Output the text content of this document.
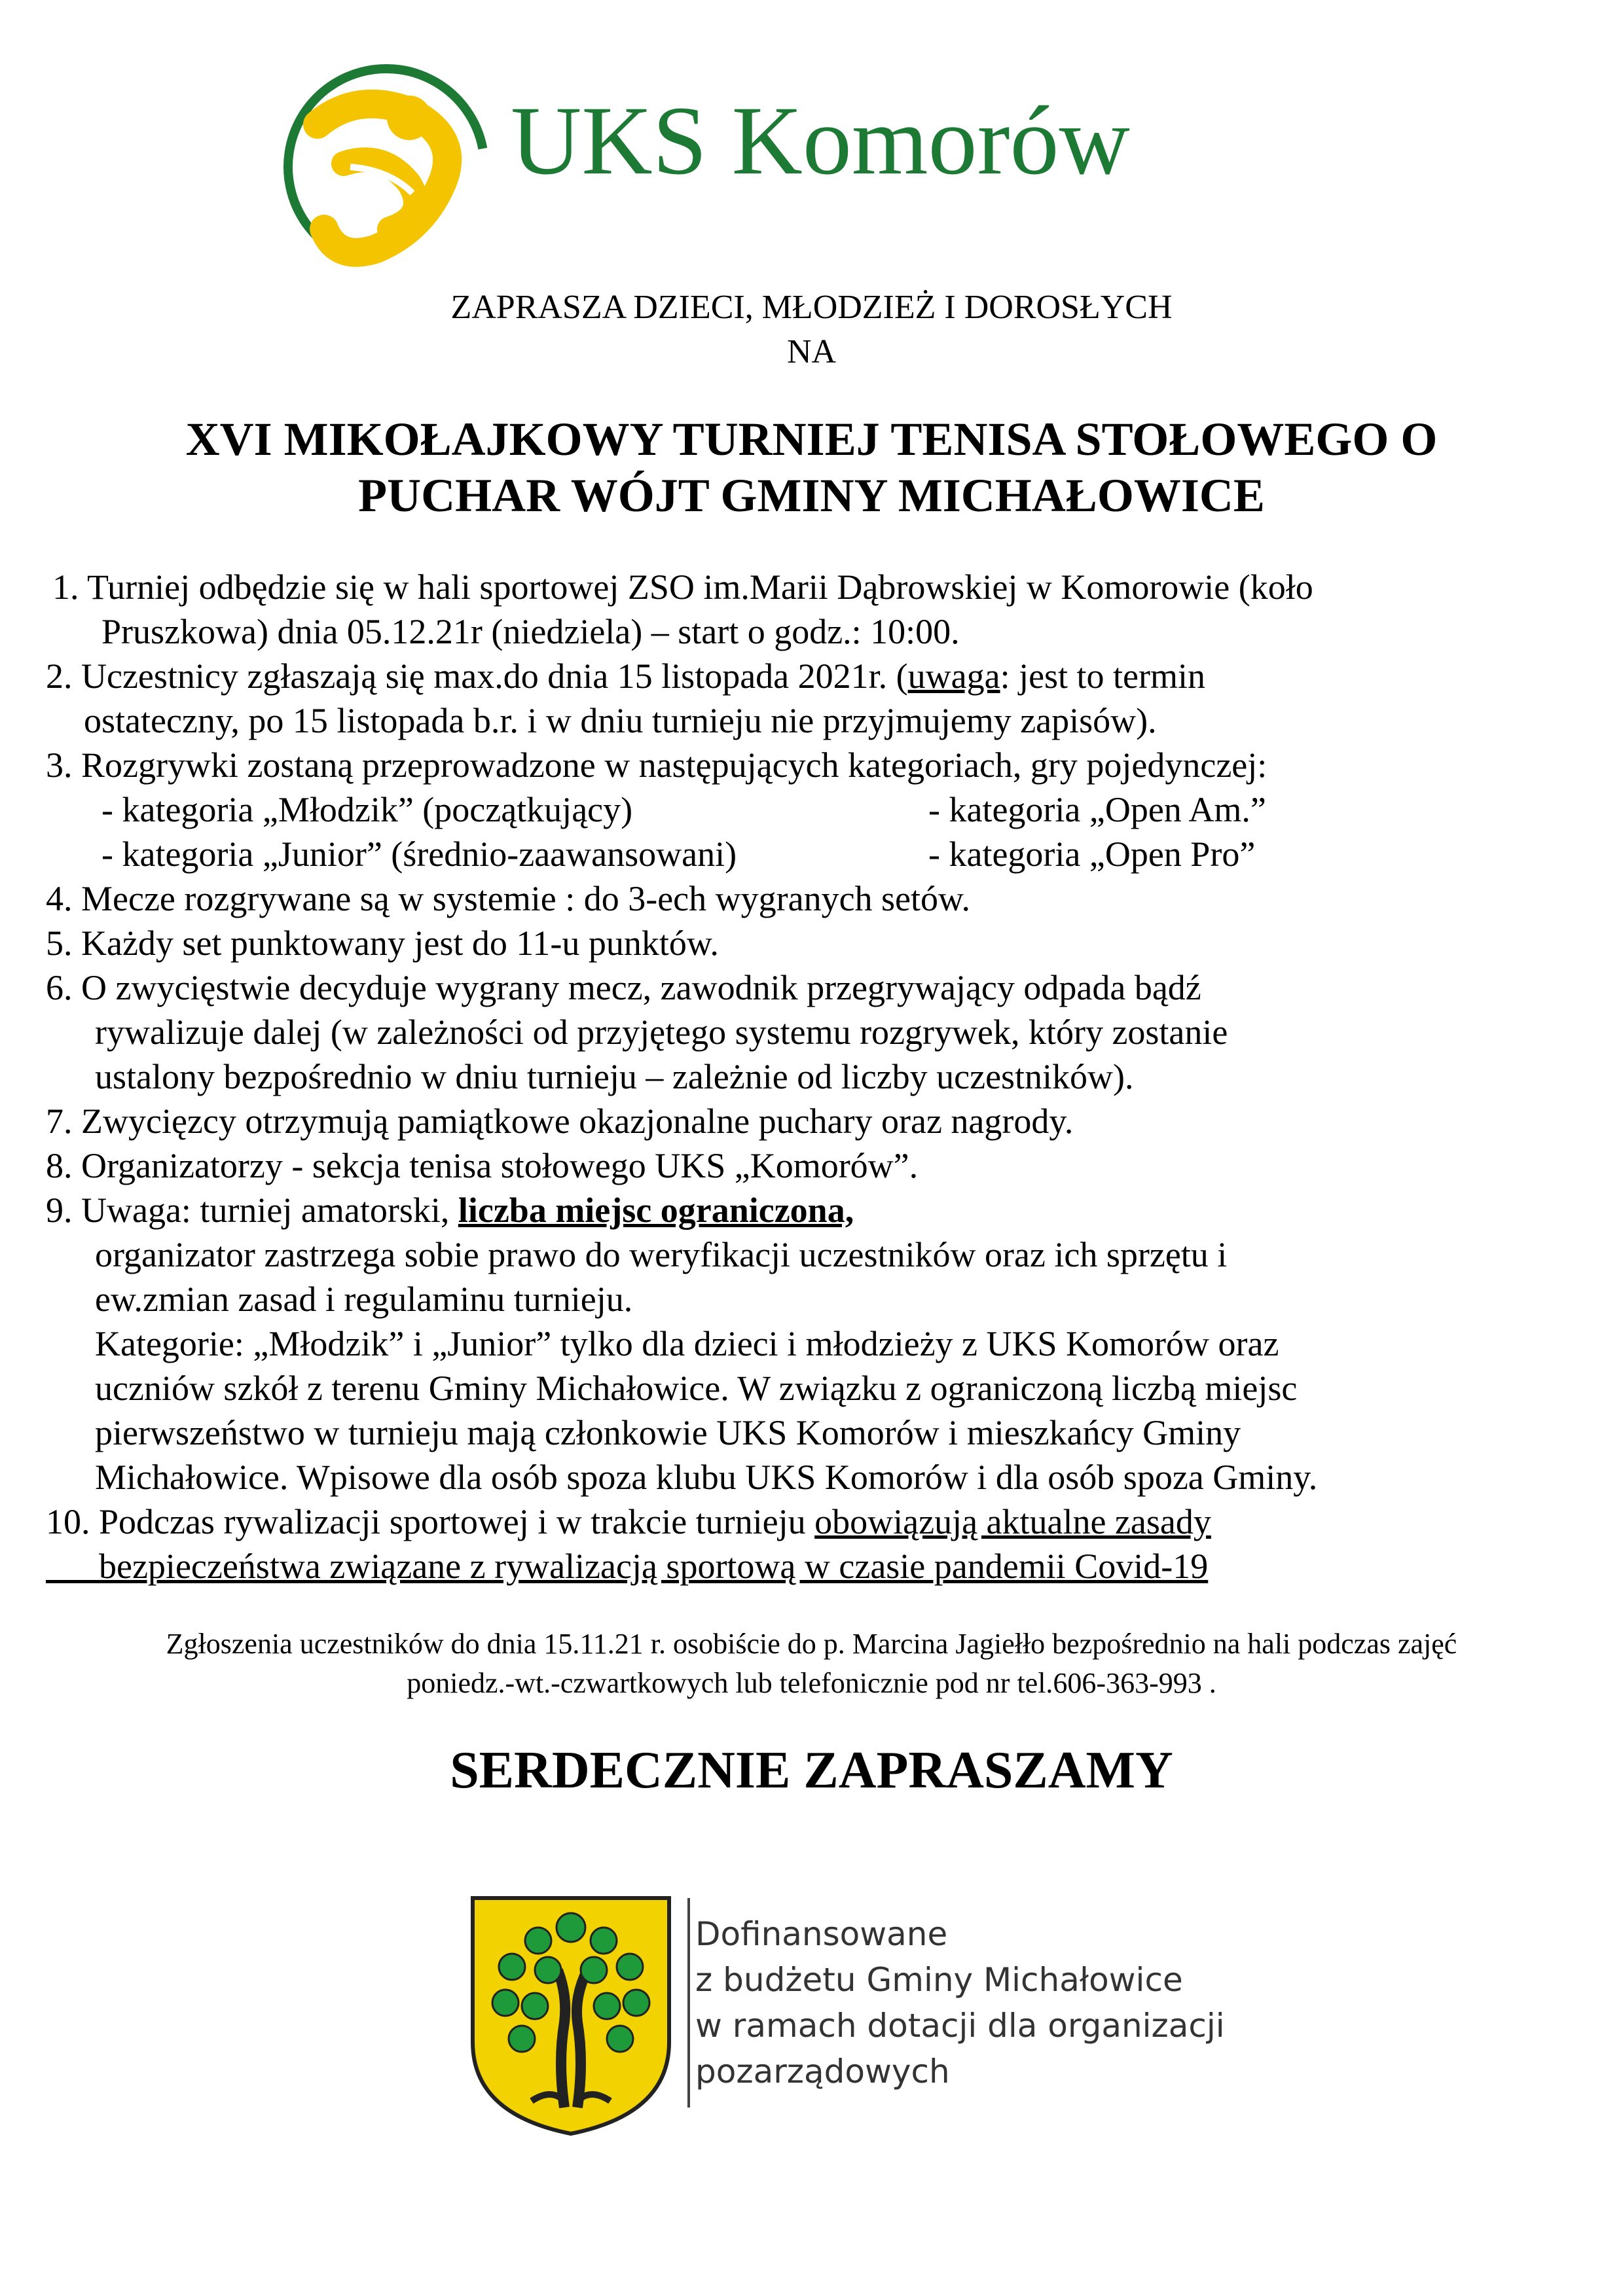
UKS Komorów
ZAPRASZA DZIECI, MŁODZIEŻ I DOROSŁYCH
NA
XVI MIKOŁAJKOWY TURNIEJ TENISA STOŁOWEGO O
PUCHAR WÓJT GMINY MICHAŁOWICE
1. Turniej odbędzie się w hali sportowej ZSO im.Marii Dąbrowskiej w Komorowie (koło
Pruszkowa) dnia 05.12.21r (niedziela) – start o godz.: 10:00.
2. Uczestnicy zgłaszają się max.do dnia 15 listopada 2021r. (uwaga: jest to termin
ostateczny, po 15 listopada b.r. i w dniu turnieju nie przyjmujemy zapisów).
3. Rozgrywki zostaną przeprowadzone w następujących kategoriach, gry pojedynczej:
- kategoria „Młodzik” (początkujący)	- kategoria „Open Am.”
- kategoria „Junior” (średnio-zaawansowani)	- kategoria „Open Pro”
4. Mecze rozgrywane są w systemie : do 3-ech wygranych setów.
5. Każdy set punktowany jest do 11-u punktów.
6. O zwycięstwie decyduje wygrany mecz, zawodnik przegrywający odpada bądź
rywalizuje dalej (w zależności od przyjętego systemu rozgrywek, który zostanie
ustalony bezpośrednio w dniu turnieju – zależnie od liczby uczestników).
7. Zwycięzcy otrzymują pamiątkowe okazjonalne puchary oraz nagrody.
8. Organizatorzy - sekcja tenisa stołowego UKS „Komorów”.
9. Uwaga: turniej amatorski, liczba miejsc ograniczona,
organizator zastrzega sobie prawo do weryfikacji uczestników oraz ich sprzętu i
ew.zmian zasad i regulaminu turnieju.
Kategorie: „Młodzik” i „Junior” tylko dla dzieci i młodzieży z UKS Komorów oraz
uczniów szkół z terenu Gminy Michałowice. W związku z ograniczoną liczbą miejsc
pierwszeństwo w turnieju mają członkowie UKS Komorów i mieszkańcy Gminy
Michałowice. Wpisowe dla osób spoza klubu UKS Komorów i dla osób spoza Gminy.
10. Podczas rywalizacji sportowej i w trakcie turnieju obowiązują aktualne zasady
bezpieczeństwa związane z rywalizacją sportową w czasie pandemii Covid-19
Zgłoszenia uczestników do dnia 15.11.21 r. osobiście do p. Marcina Jagiełło bezpośrednio na hali podczas zajęć
poniedz.-wt.-czwartkowych lub telefonicznie pod nr tel.606-363-993 .
SERDECZNIE ZAPRASZAMY
Dofinansowane
z budżetu Gminy Michałowice
w ramach dotacji dla organizacji
pozarządowych
